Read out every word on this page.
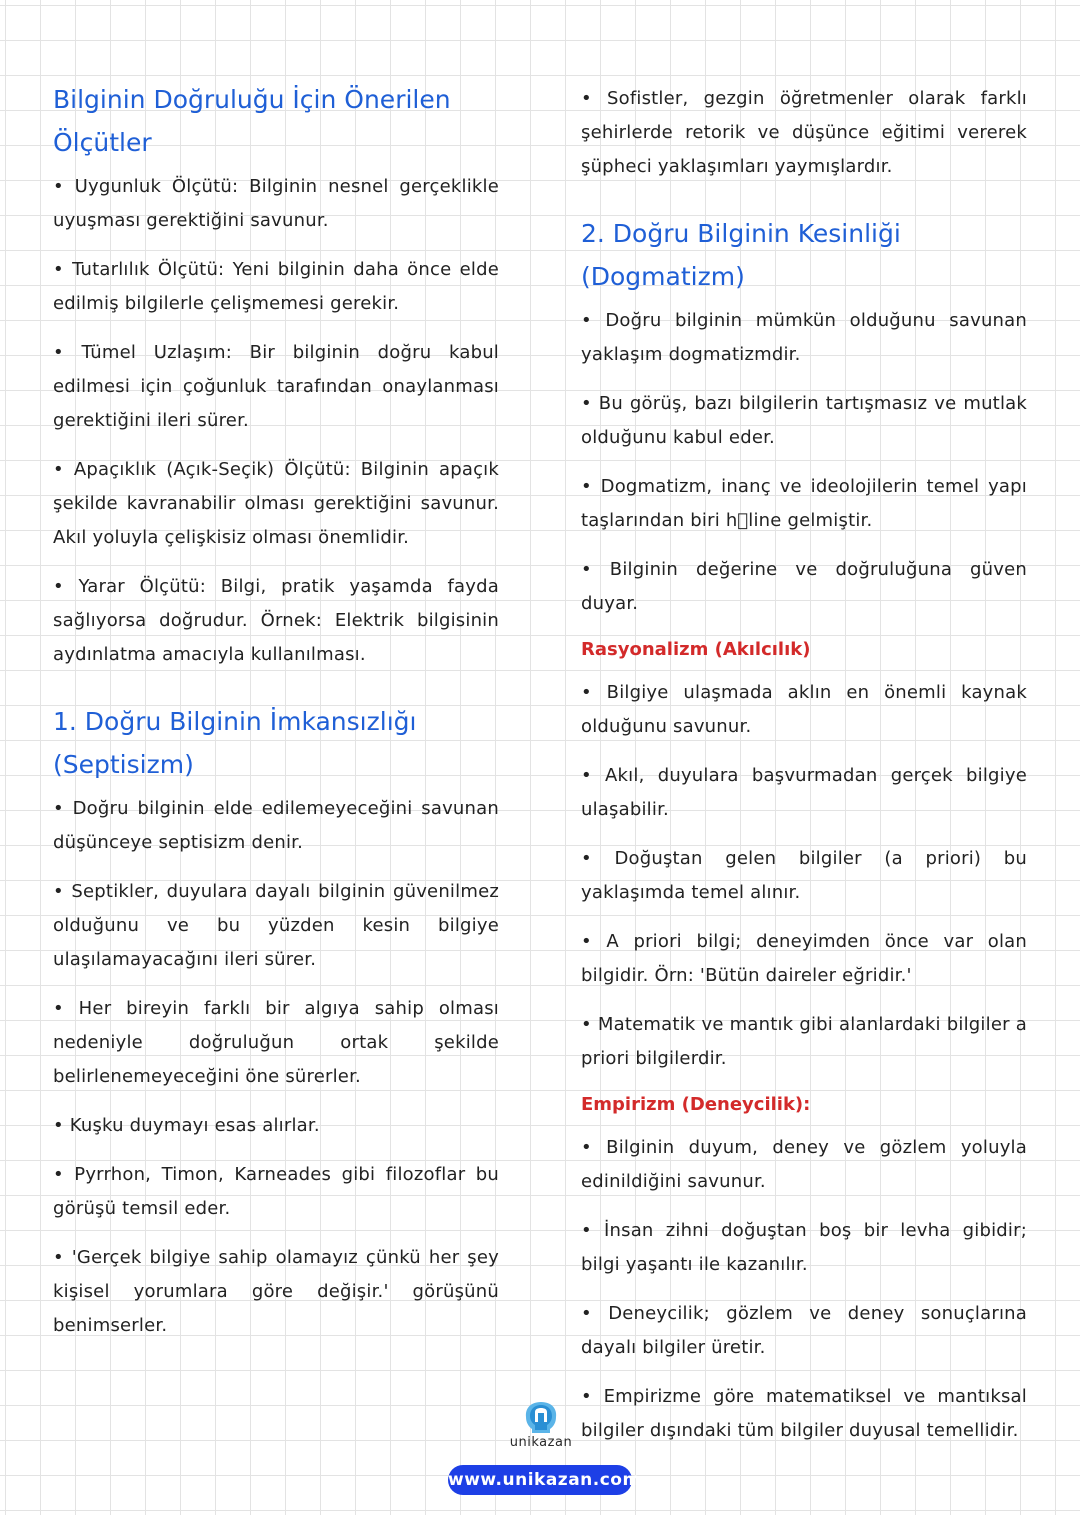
Bilginin Doğruluğu İçin Önerilen Ölçütler

• Uygunluk Ölçütü: Bilginin nesnel gerçeklikle uyuşması gerektiğini savunur.

• Tutarlılık Ölçütü: Yeni bilginin daha önce elde edilmiş bilgilerle çelişmemesi gerekir.

• Tümel Uzlaşım: Bir bilginin doğru kabul edilmesi için çoğunluk tarafından onaylanması gerektiğini ileri sürer.

• Apaçıklık (Açık-Seçik) Ölçütü: Bilginin apaçık şekilde kavranabilir olması gerektiğini savunur. Akıl yoluyla çelişkisiz olması önemlidir.

• Yarar Ölçütü: Bilgi, pratik yaşamda fayda sağlıyorsa doğrudur. Örnek: Elektrik bilgisinin aydınlatma amacıyla kullanılması.

1. Doğru Bilginin İmkansızlığı (Septisizm)

• Doğru bilginin elde edilemeyeceğini savunan düşünceye septisizm denir.

• Septikler, duyulara dayalı bilginin güvenilmez olduğunu ve bu yüzden kesin bilgiye ulaşılamayacağını ileri sürer.

• Her bireyin farklı bir algıya sahip olması nedeniyle doğruluğun ortak şekilde belirlenemeyeceğini öne sürerler.

• Kuşku duymayı esas alırlar.

• Pyrrhon, Timon, Karneades gibi filozoflar bu görüşü temsil eder.

• 'Gerçek bilgiye sahip olamayız çünkü her şey kişisel yorumlara göre değişir.' görüşünü benimserler.

• Sofistler, gezgin öğretmenler olarak farklı şehirlerde retorik ve düşünce eğitimi vererek şüpheci yaklaşımları yaymışlardır.

2. Doğru Bilginin Kesinliği (Dogmatizm)

• Doğru bilginin mümkün olduğunu savunan yaklaşım dogmatizmdir.

• Bu görüş, bazı bilgilerin tartışmasız ve mutlak olduğunu kabul eder.

• Dogmatizm, inanç ve ideolojilerin temel yapı taşlarından biri h⃞line gelmiştir.

• Bilginin değerine ve doğruluğuna güven duyar.

Rasyonalizm (Akılcılık)

• Bilgiye ulaşmada aklın en önemli kaynak olduğunu savunur.

• Akıl, duyulara başvurmadan gerçek bilgiye ulaşabilir.

• Doğuştan gelen bilgiler (a priori) bu yaklaşımda temel alınır.

• A priori bilgi; deneyimden önce var olan bilgidir. Örn: 'Bütün daireler eğridir.'

• Matematik ve mantık gibi alanlardaki bilgiler a priori bilgilerdir.

Empirizm (Deneycilik):

• Bilginin duyum, deney ve gözlem yoluyla edinildiğini savunur.

• İnsan zihni doğuştan boş bir levha gibidir; bilgi yaşantı ile kazanılır.

• Deneycilik; gözlem ve deney sonuçlarına dayalı bilgiler üretir.

• Empirizme göre matematiksel ve mantıksal bilgiler dışındaki tüm bilgiler duyusal temellidir.

unikazan
www.unikazan.com
